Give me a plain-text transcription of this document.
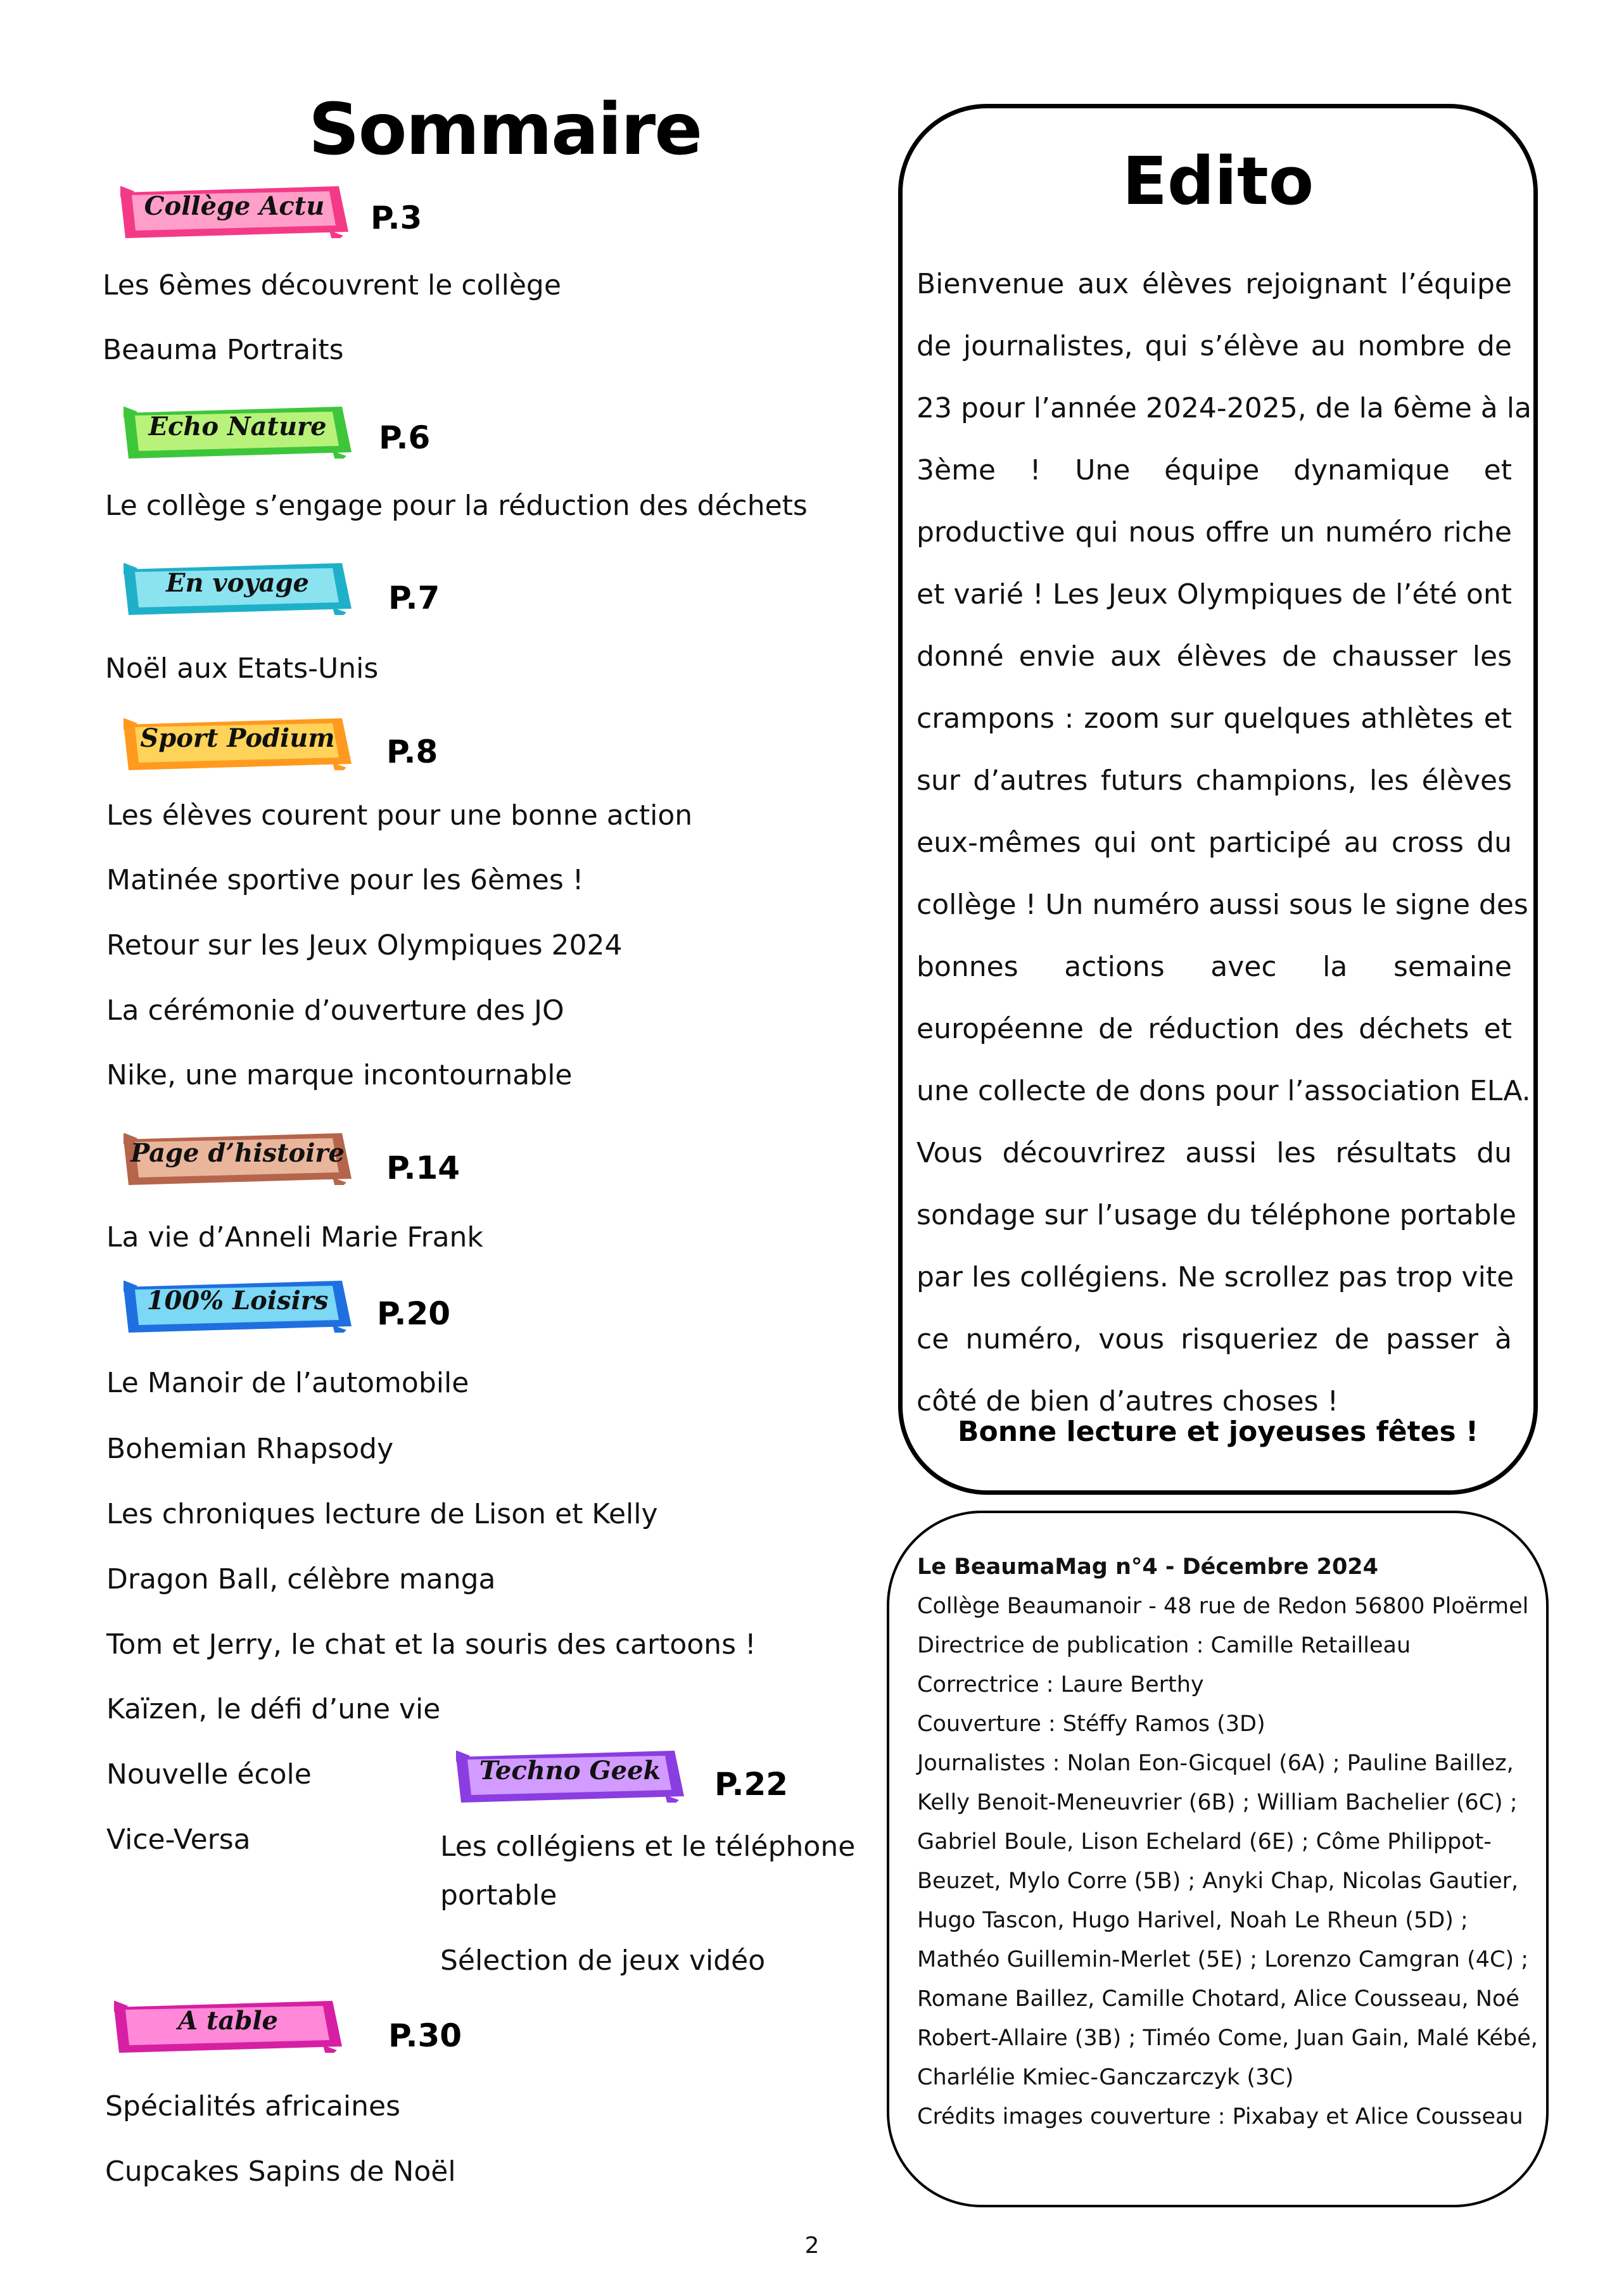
Sommaire
Collège Actu	P.3
Les 6èmes découvrent le collège
Beauma Portraits
Echo Nature	P.6
Le collège s’engage pour la réduction des déchets
En voyage	P.7
Noël aux Etats-Unis
Sport Podium	P.8
Les élèves courent pour une bonne action
Matinée sportive pour les 6èmes !
Retour sur les Jeux Olympiques 2024
La cérémonie d’ouverture des JO
Nike, une marque incontournable
Page d’histoire	P.14
La vie d’Anneli Marie Frank
100% Loisirs	P.20
Le Manoir de l’automobile
Bohemian Rhapsody
Les chroniques lecture de Lison et Kelly
Dragon Ball, célèbre manga
Tom et Jerry, le chat et la souris des cartoons !
Kaïzen, le défi d’une vie
Nouvelle école
Vice-Versa
Techno Geek	P.22
Les collégiens et le téléphone
portable
Sélection de jeux vidéo
A table	P.30
Spécialités africaines
Cupcakes Sapins de Noël
Edito
Bienvenue aux élèves rejoignant l’équipe
de journalistes, qui s’élève au nombre de
23 pour l’année 2024-2025, de la 6ème à la
3ème ! Une équipe dynamique et
productive qui nous offre un numéro riche
et varié ! Les Jeux Olympiques de l’été ont
donné envie aux élèves de chausser les
crampons : zoom sur quelques athlètes et
sur d’autres futurs champions, les élèves
eux-mêmes qui ont participé au cross du
collège ! Un numéro aussi sous le signe des
bonnes actions avec la semaine
européenne de réduction des déchets et
une collecte de dons pour l’association ELA.
Vous découvrirez aussi les résultats du
sondage sur l’usage du téléphone portable
par les collégiens. Ne scrollez pas trop vite
ce numéro, vous risqueriez de passer à
côté de bien d’autres choses !
Bonne lecture et joyeuses fêtes !
Le BeaumaMag n°4 - Décembre 2024
Collège Beaumanoir - 48 rue de Redon 56800 Ploërmel
Directrice de publication : Camille Retailleau
Correctrice : Laure Berthy
Couverture : Stéffy Ramos (3D)
Journalistes : Nolan Eon-Gicquel (6A) ; Pauline Baillez,
Kelly Benoit-Meneuvrier (6B) ; William Bachelier (6C) ;
Gabriel Boule, Lison Echelard (6E) ; Côme Philippot-
Beuzet, Mylo Corre (5B) ; Anyki Chap, Nicolas Gautier,
Hugo Tascon, Hugo Harivel, Noah Le Rheun (5D) ;
Mathéo Guillemin-Merlet (5E) ; Lorenzo Camgran (4C) ;
Romane Baillez, Camille Chotard, Alice Cousseau, Noé
Robert-Allaire (3B) ; Timéo Come, Juan Gain, Malé Kébé,
Charlélie Kmiec-Ganczarczyk (3C)
Crédits images couverture : Pixabay et Alice Cousseau
2
